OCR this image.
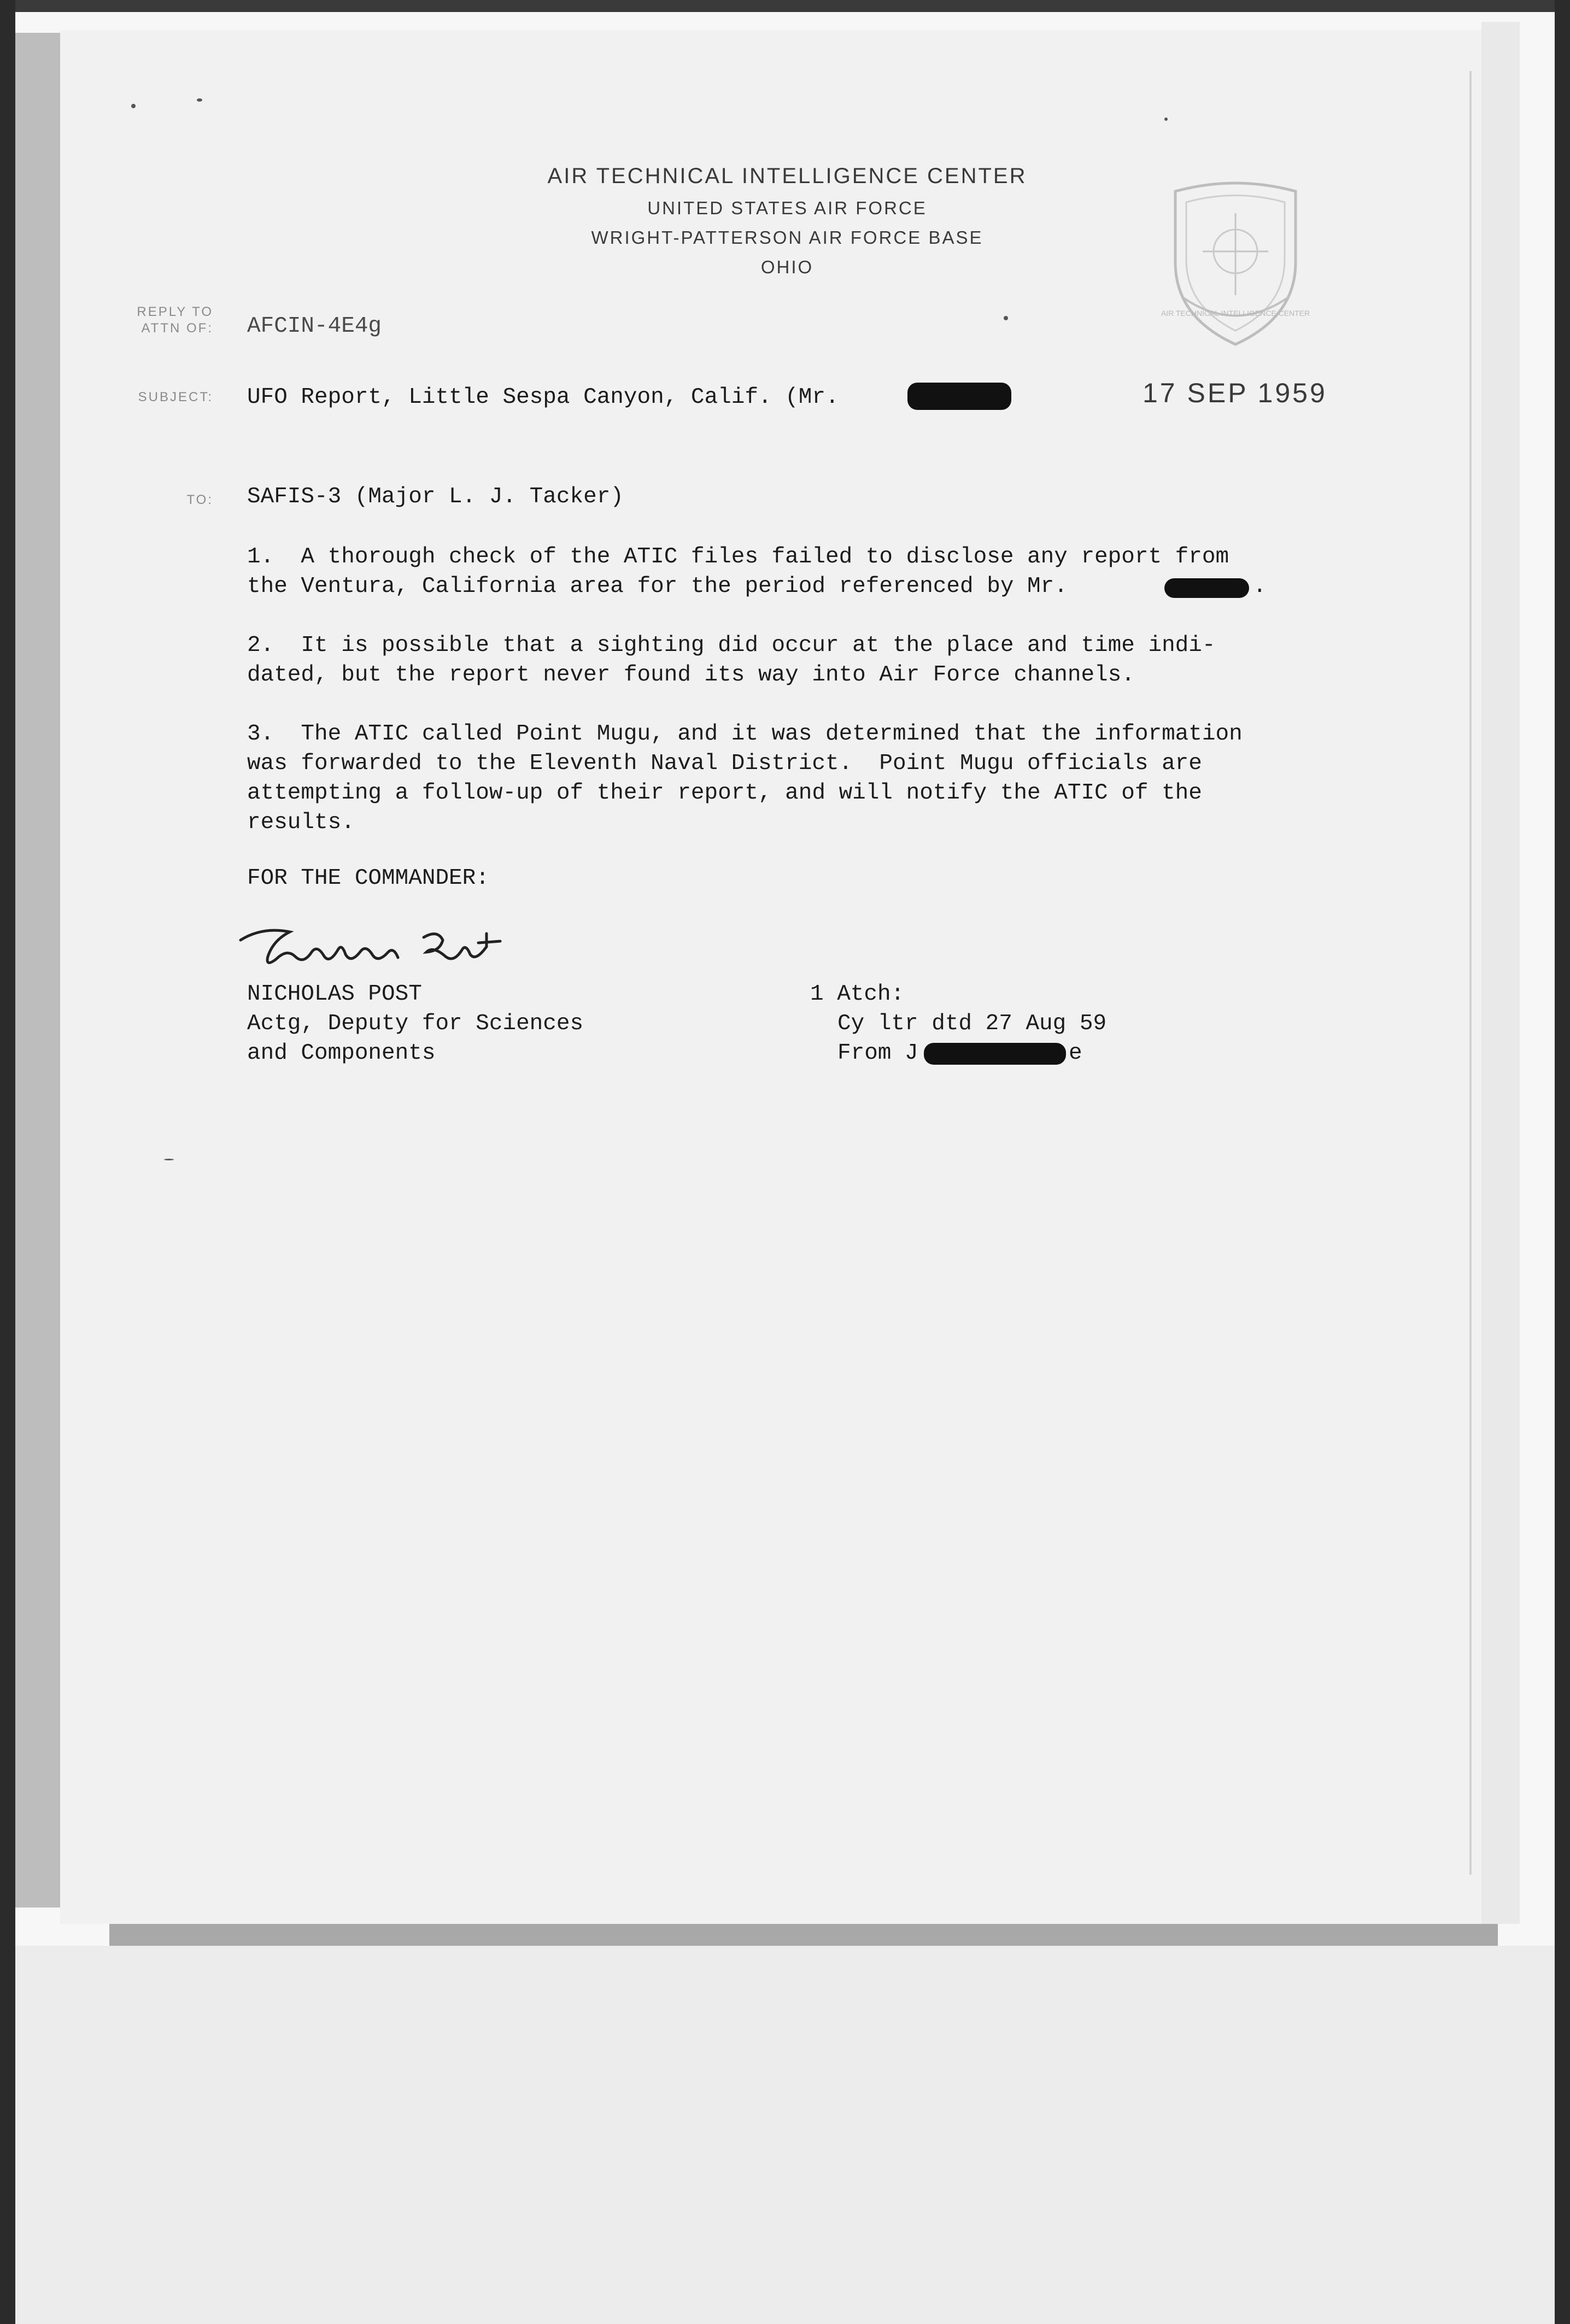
AIR TECHNICAL INTELLIGENCE CENTER
UNITED STATES AIR FORCE
WRIGHT-PATTERSON AIR FORCE BASE
OHIO
AIR TECHNICAL INTELLIGENCE CENTER
REPLY TO
ATTN OF: AFCIN-4E4g
SUBJECT: UFO Report, Little Sespa Canyon, Calif. (Mr.	17 SEP 1959
TO: SAFIS-3 (Major L. J. Tacker)
1.  A thorough check of the ATIC files failed to disclose any report from
the Ventura, California area for the period referenced by Mr.	.
2.  It is possible that a sighting did occur at the place and time indi-
dated, but the report never found its way into Air Force channels.
3.  The ATIC called Point Mugu, and it was determined that the information
was forwarded to the Eleventh Naval District.  Point Mugu officials are
attempting a follow-up of their report, and will notify the ATIC of the
results.
FOR THE COMMANDER:
Nicholas Post
NICHOLAS POST
Actg, Deputy for Sciences
and Components
1 Atch:
Cy ltr dtd 27 Aug 59
From J	e
